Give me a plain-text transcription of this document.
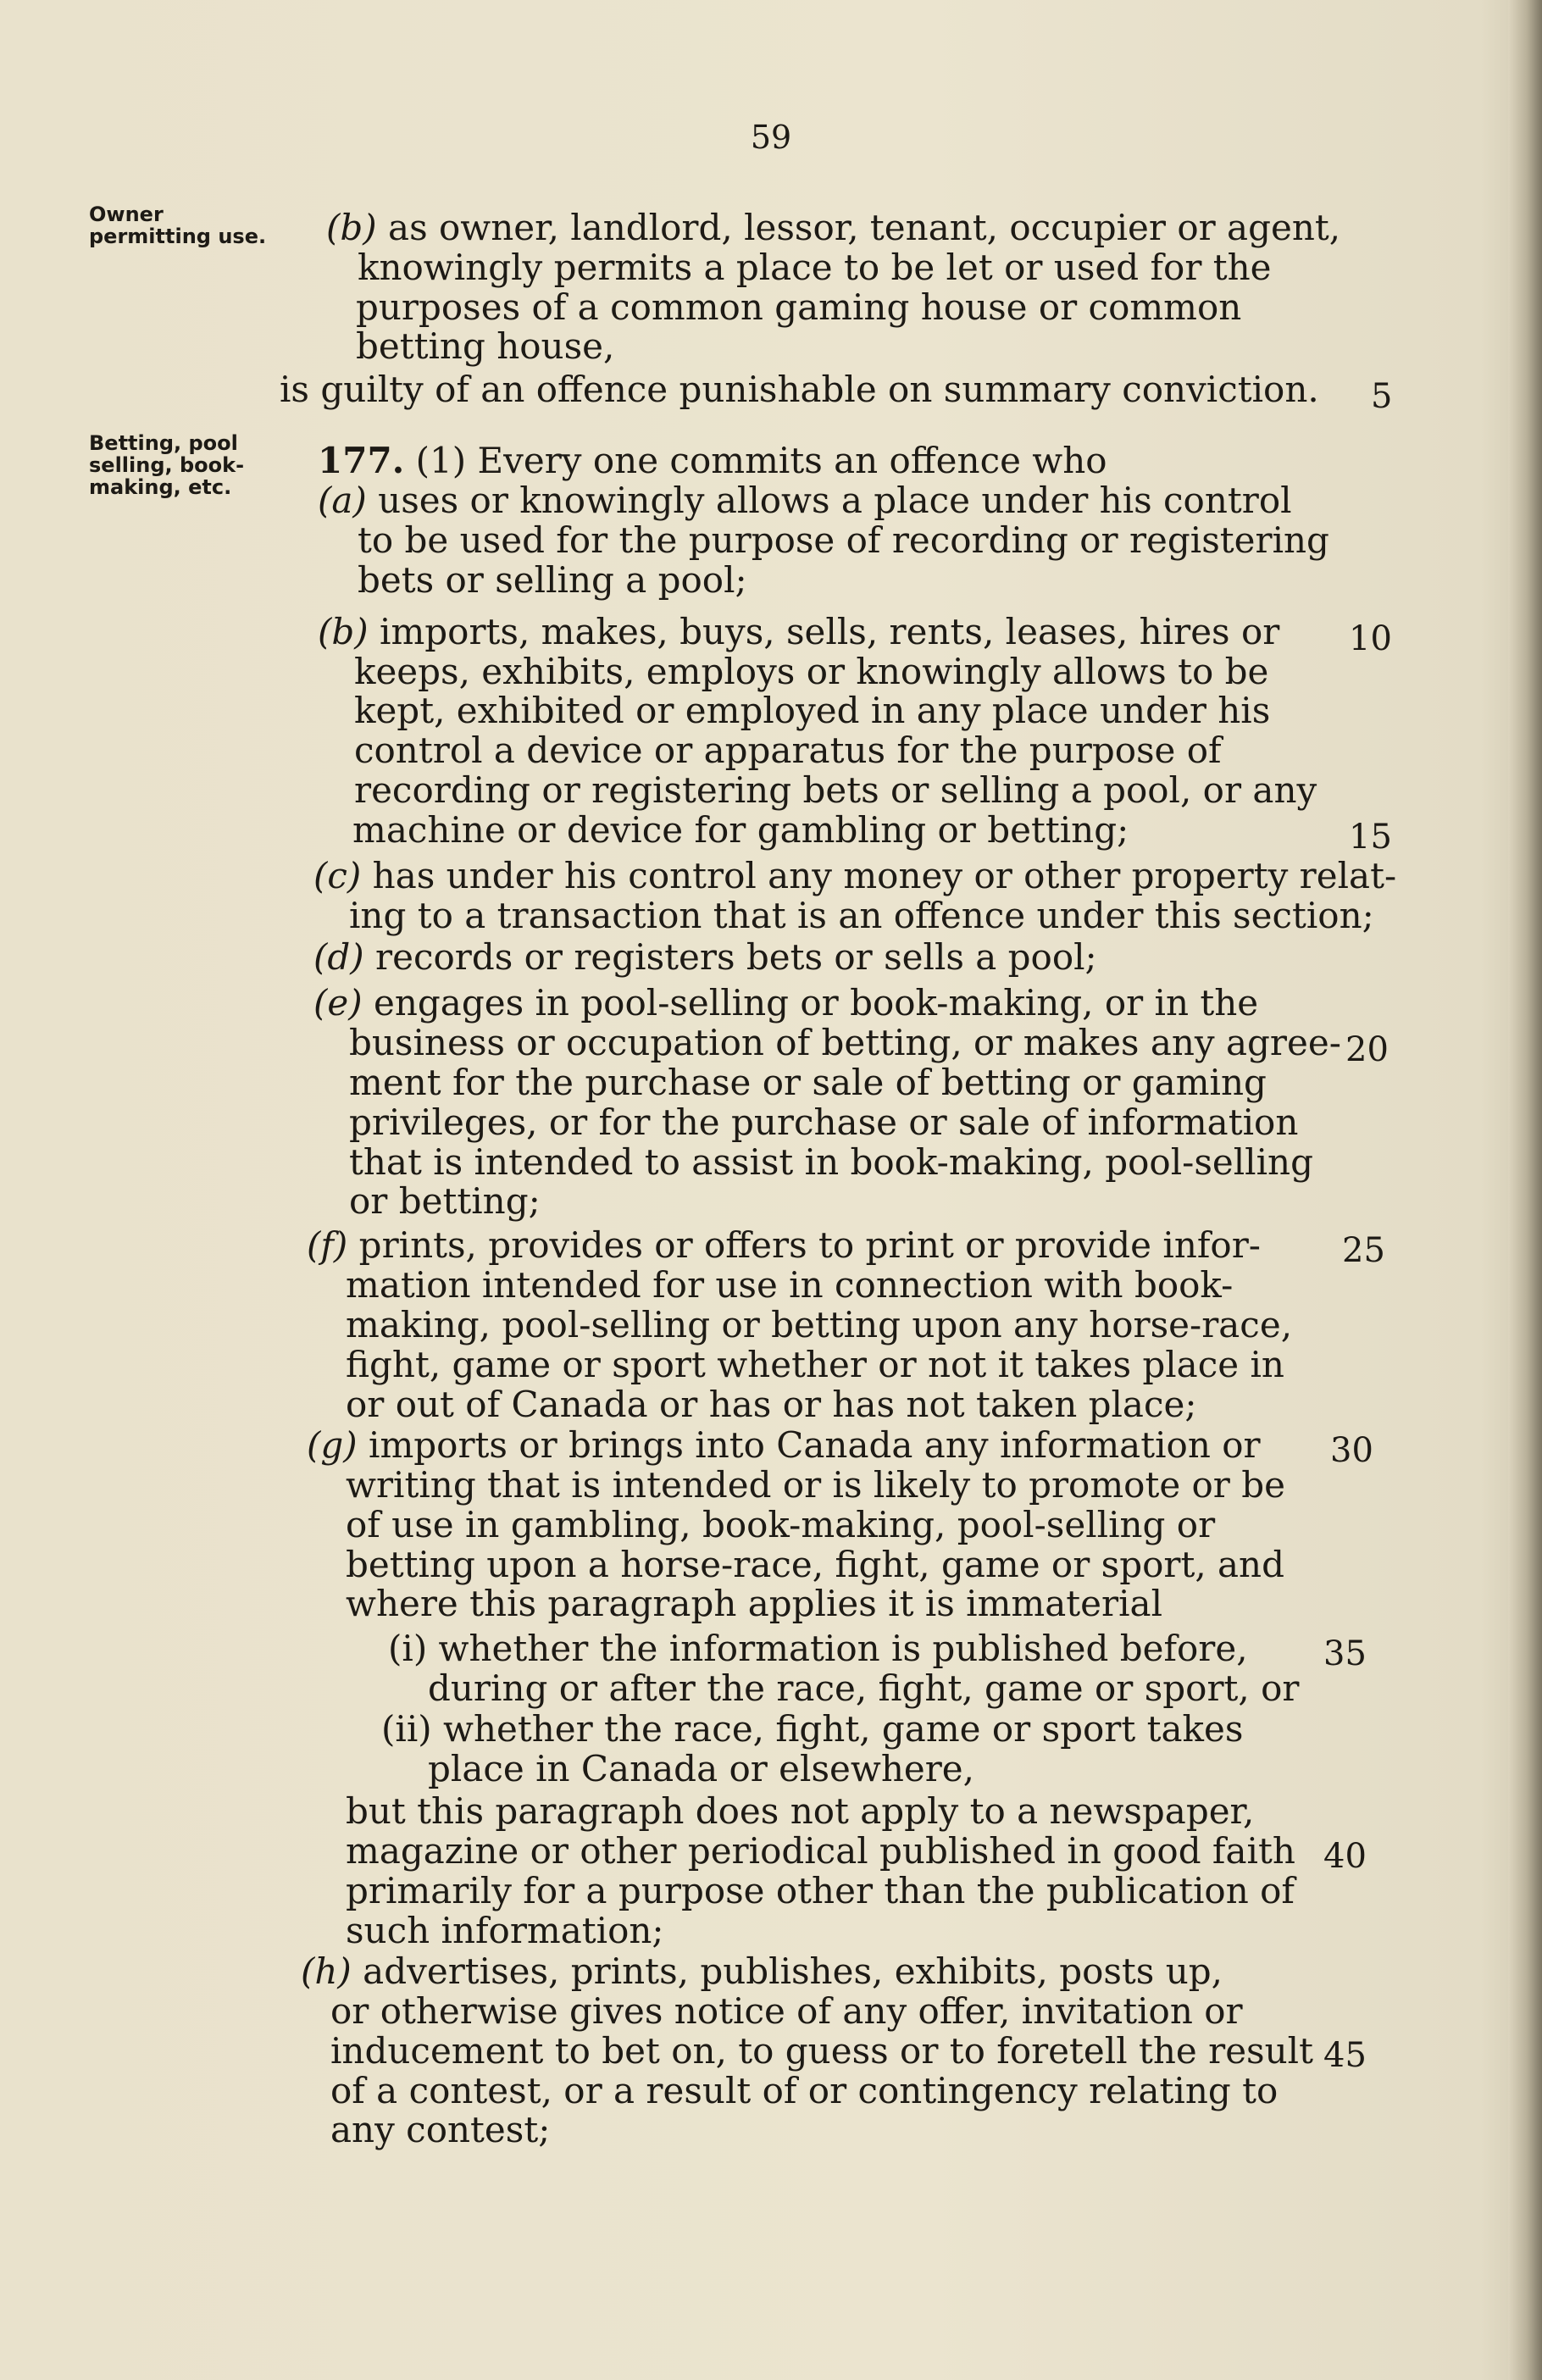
59
Owner permitting use.
Betting, pool selling, book-making, etc.
(b) as owner, landlord, lessor, tenant, occupier or agent,
knowingly permits a place to be let or used for the
purposes of a common gaming house or common
betting house,
is guilty of an offence punishable on summary conviction.
177. (1) Every one commits an offence who
(a) uses or knowingly allows a place under his control
to be used for the purpose of recording or registering
bets or selling a pool;
(b) imports, makes, buys, sells, rents, leases, hires or
keeps, exhibits, employs or knowingly allows to be
kept, exhibited or employed in any place under his
control a device or apparatus for the purpose of
recording or registering bets or selling a pool, or any
machine or device for gambling or betting;
(c) has under his control any money or other property relat-
ing to a transaction that is an offence under this section;
(d) records or registers bets or sells a pool;
(e) engages in pool-selling or book-making, or in the
business or occupation of betting, or makes any agree-
ment for the purchase or sale of betting or gaming
privileges, or for the purchase or sale of information
that is intended to assist in book-making, pool-selling
or betting;
(f) prints, provides or offers to print or provide infor-
mation intended for use in connection with book-
making, pool-selling or betting upon any horse-race,
fight, game or sport whether or not it takes place in
or out of Canada or has or has not taken place;
(g) imports or brings into Canada any information or
writing that is intended or is likely to promote or be
of use in gambling, book-making, pool-selling or
betting upon a horse-race, fight, game or sport, and
where this paragraph applies it is immaterial
(i) whether the information is published before,
during or after the race, fight, game or sport, or
(ii) whether the race, fight, game or sport takes
place in Canada or elsewhere,
but this paragraph does not apply to a newspaper,
magazine or other periodical published in good faith
primarily for a purpose other than the publication of
such information;
(h) advertises, prints, publishes, exhibits, posts up,
or otherwise gives notice of any offer, invitation or
inducement to bet on, to guess or to foretell the result
of a contest, or a result of or contingency relating to
any contest;
5
10
15
20
25
30
35
40
45
